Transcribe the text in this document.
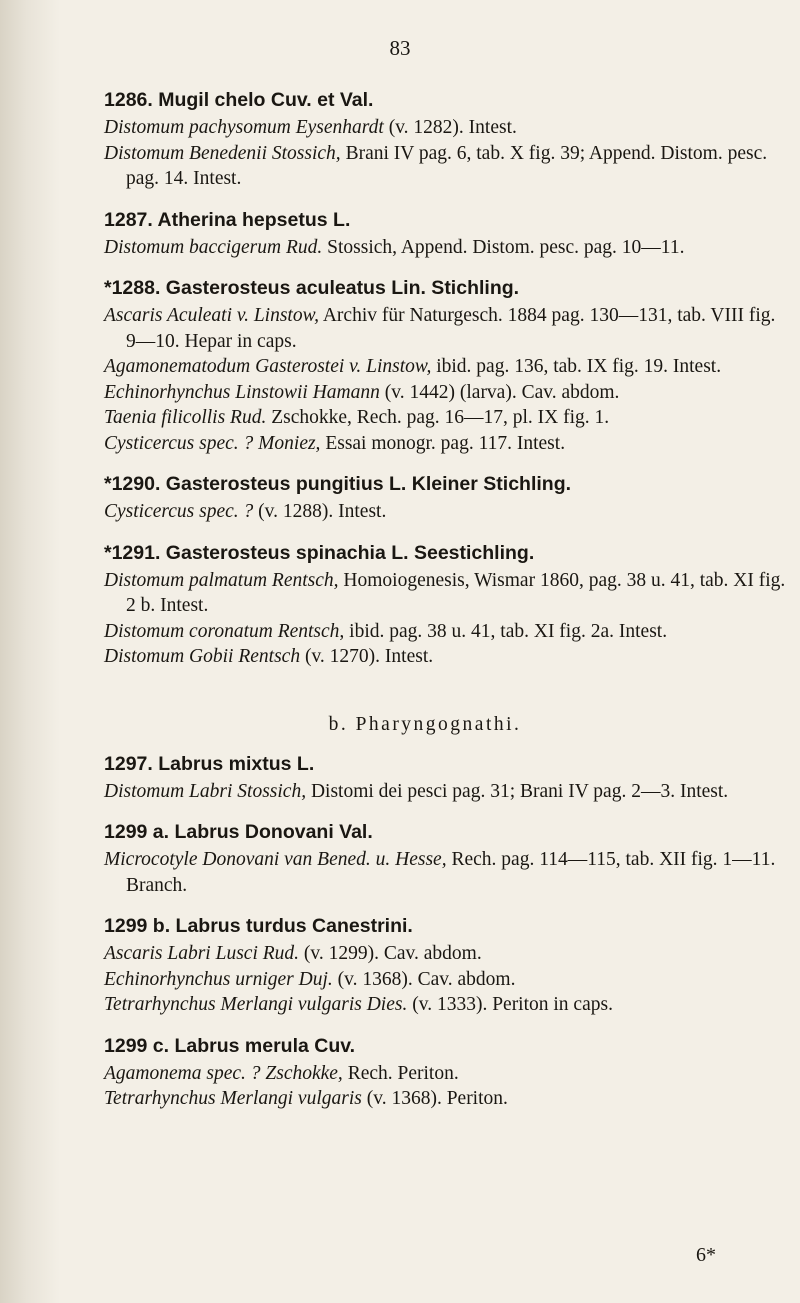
83
1286. Mugil chelo Cuv. et Val.

Distomum pachysomum Eysenhardt (v. 1282). Intest.

Distomum Benedenii Stossich, Brani IV pag. 6, tab. X fig. 39; Append. Distom. pesc. pag. 14. Intest.

1287. Atherina hepsetus L.

Distomum baccigerum Rud. Stossich, Append. Distom. pesc. pag. 10—11.

*1288. Gasterosteus aculeatus Lin. Stichling.

Ascaris Aculeati v. Linstow, Archiv für Naturgesch. 1884 pag. 130—131, tab. VIII fig. 9—10. Hepar in caps.

Agamonematodum Gasterostei v. Linstow, ibid. pag. 136, tab. IX fig. 19. Intest.

Echinorhynchus Linstowii Hamann (v. 1442) (larva). Cav. abdom.

Taenia filicollis Rud. Zschokke, Rech. pag. 16—17, pl. IX fig. 1.

Cysticercus spec. ? Moniez, Essai monogr. pag. 117. Intest.

*1290. Gasterosteus pungitius L. Kleiner Stichling.

Cysticercus spec. ? (v. 1288). Intest.

*1291. Gasterosteus spinachia L. Seestichling.

Distomum palmatum Rentsch, Homoiogenesis, Wismar 1860, pag. 38 u. 41, tab. XI fig. 2 b. Intest.

Distomum coronatum Rentsch, ibid. pag. 38 u. 41, tab. XI fig. 2a. Intest.

Distomum Gobii Rentsch (v. 1270). Intest.

b. Pharyngognathi.
1297. Labrus mixtus L.

Distomum Labri Stossich, Distomi dei pesci pag. 31; Brani IV pag. 2—3. Intest.

1299 a. Labrus Donovani Val.

Microcotyle Donovani van Bened. u. Hesse, Rech. pag. 114—115, tab. XII fig. 1—11. Branch.

1299 b. Labrus turdus Canestrini.

Ascaris Labri Lusci Rud. (v. 1299). Cav. abdom.

Echinorhynchus urniger Duj. (v. 1368). Cav. abdom.

Tetrarhynchus Merlangi vulgaris Dies. (v. 1333). Periton in caps.

1299 c. Labrus merula Cuv.

Agamonema spec. ? Zschokke, Rech. Periton.

Tetrarhynchus Merlangi vulgaris (v. 1368). Periton.

6*
